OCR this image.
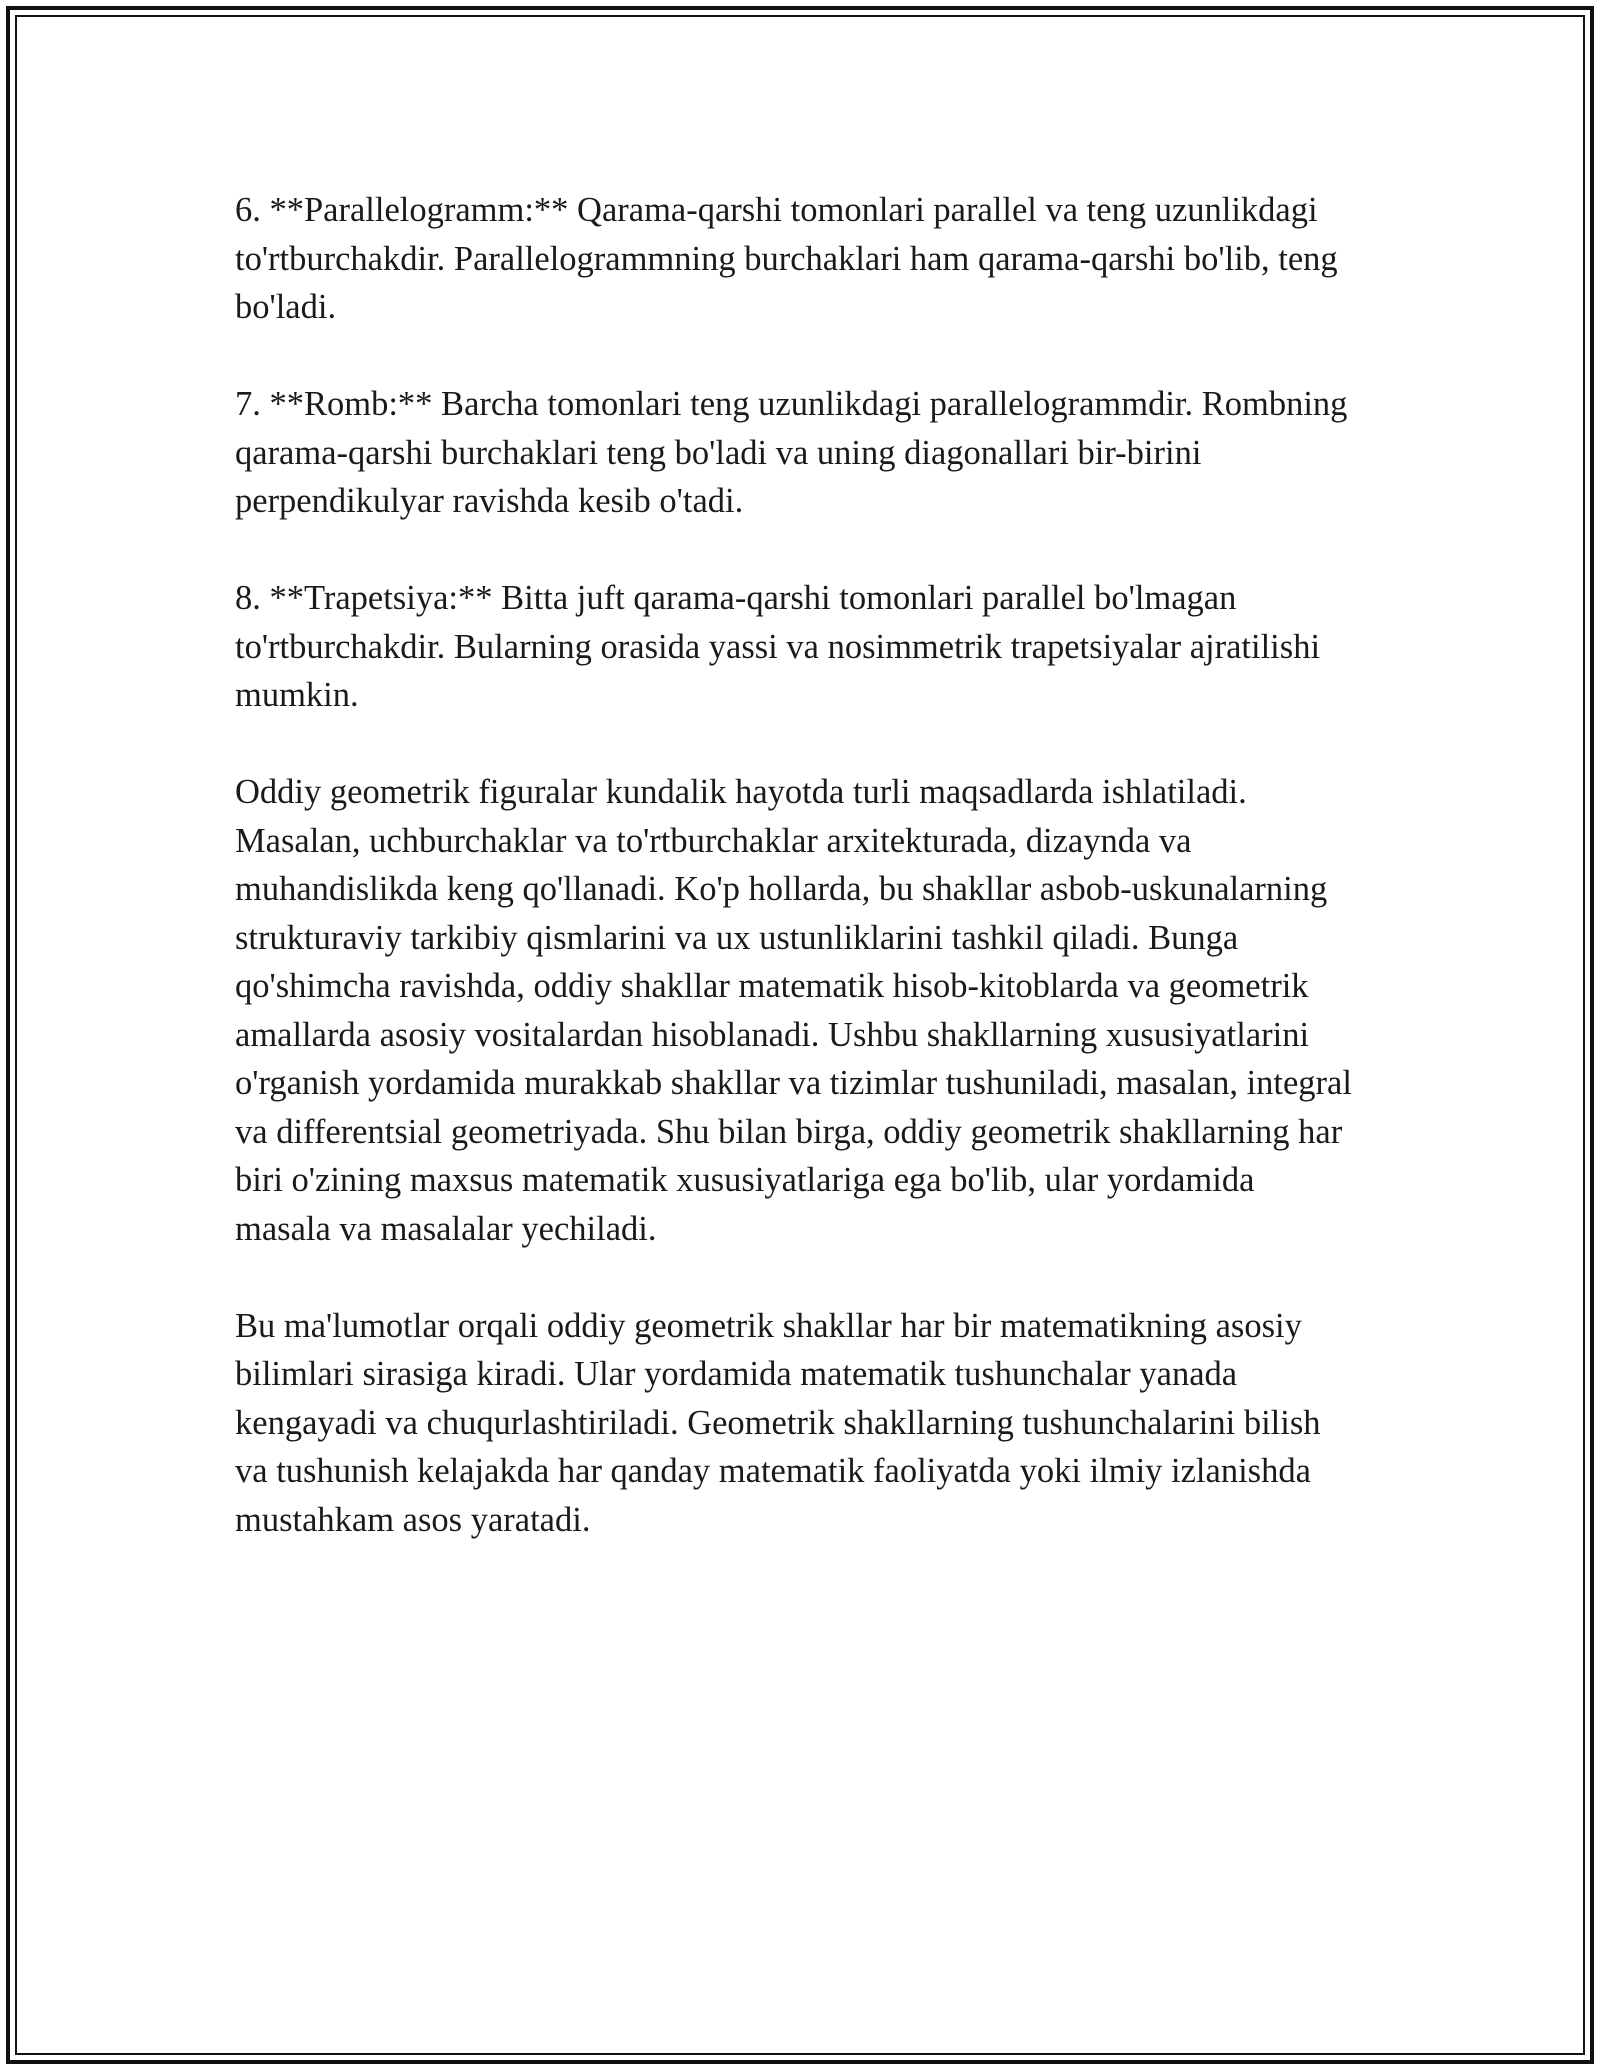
6. **Parallelogramm:** Qarama-qarshi tomonlari parallel va teng uzunlikdagi to'rtburchakdir. Parallelogrammning burchaklari ham qarama-qarshi bo'lib, teng bo'ladi.

7. **Romb:** Barcha tomonlari teng uzunlikdagi parallelogrammdir. Rombning qarama-qarshi burchaklari teng bo'ladi va uning diagonallari bir-birini perpendikulyar ravishda kesib o'tadi.

8. **Trapetsiya:** Bitta juft qarama-qarshi tomonlari parallel bo'lmagan to'rtburchakdir. Bularning orasida yassi va nosimmetrik trapetsiyalar ajratilishi mumkin.

Oddiy geometrik figuralar kundalik hayotda turli maqsadlarda ishlatiladi. Masalan, uchburchaklar va to'rtburchaklar arxitekturada, dizaynda va muhandislikda keng qo'llanadi. Ko'p hollarda, bu shakllar asbob-uskunalarning strukturaviy tarkibiy qismlarini va ux ustunliklarini tashkil qiladi. Bunga qo'shimcha ravishda, oddiy shakllar matematik hisob-kitoblarda va geometrik amallarda asosiy vositalardan hisoblanadi. Ushbu shakllarning xususiyatlarini o'rganish yordamida murakkab shakllar va tizimlar tushuniladi, masalan, integral va differentsial geometriyada. Shu bilan birga, oddiy geometrik shakllarning har biri o'zining maxsus matematik xususiyatlariga ega bo'lib, ular yordamida masala va masalalar yechiladi.

Bu ma'lumotlar orqali oddiy geometrik shakllar har bir matematikning asosiy bilimlari sirasiga kiradi. Ular yordamida matematik tushunchalar yanada kengayadi va chuqurlashtiriladi. Geometrik shakllarning tushunchalarini bilish va tushunish kelajakda har qanday matematik faoliyatda yoki ilmiy izlanishda mustahkam asos yaratadi.
